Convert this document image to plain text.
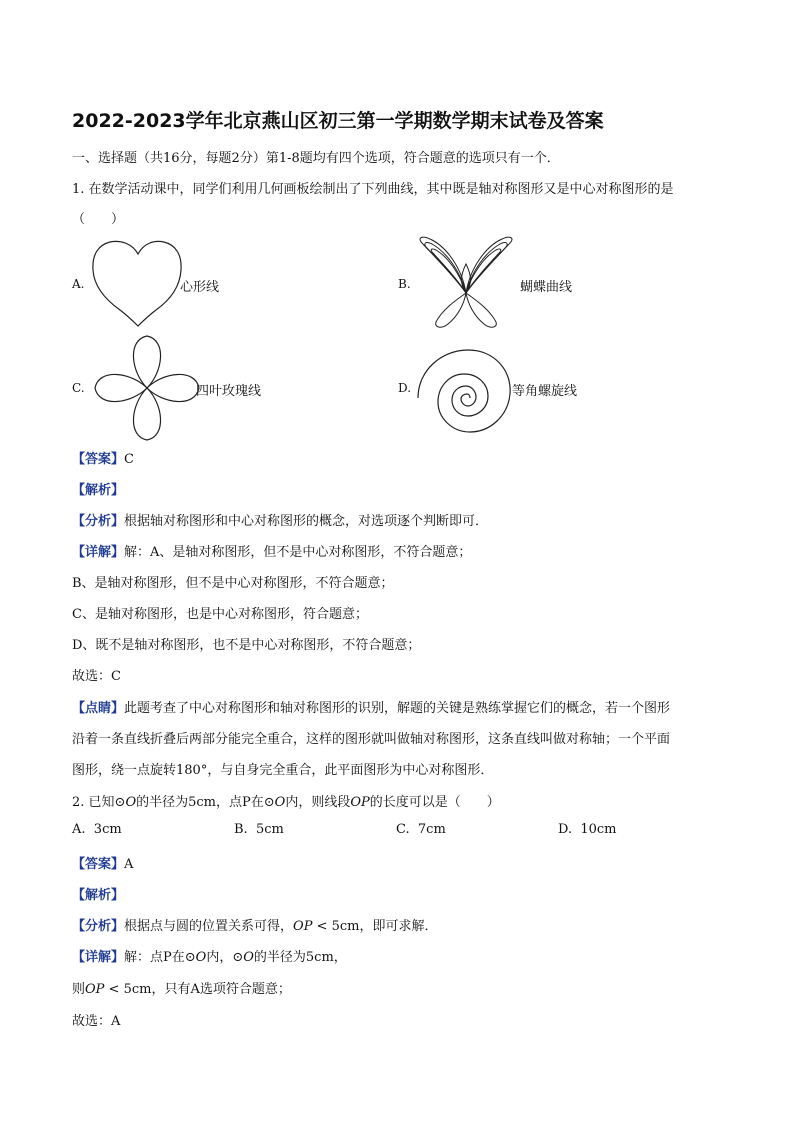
2022-2023学年北京燕山区初三第一学期数学期末试卷及答案
一、选择题（共16分，每题2分）第1-8题均有四个选项，符合题意的选项只有一个．
1. 在数学活动课中，同学们利用几何画板绘制出了下列曲线，其中既是轴对称图形又是中心对称图形的是
（　　）
A.	心形线	B.	蝴蝶曲线
C.	四叶玫瑰线	D.	等角螺旋线
【答案】C
【解析】
【分析】根据轴对称图形和中心对称图形的概念，对选项逐个判断即可．
【详解】解：A、是轴对称图形，但不是中心对称图形，不符合题意；
B、是轴对称图形，但不是中心对称图形，不符合题意；
C、是轴对称图形，也是中心对称图形，符合题意；
D、既不是轴对称图形，也不是中心对称图形，不符合题意；
故选：C
【点睛】此题考查了中心对称图形和轴对称图形的识别，解题的关键是熟练掌握它们的概念，若一个图形
沿着一条直线折叠后两部分能完全重合，这样的图形就叫做轴对称图形，这条直线叫做对称轴；一个平面
图形，绕一点旋转180°，与自身完全重合，此平面图形为中心对称图形．
2. 已知⊙O的半径为5cm，点P在⊙O内，则线段OP的长度可以是（　　）
A. 3cm	B. 5cm	C. 7cm	D. 10cm
【答案】A
【解析】
【分析】根据点与圆的位置关系可得，OP < 5cm，即可求解．
【详解】解：点P在⊙O内，⊙O的半径为5cm，
则OP < 5cm，只有A选项符合题意；
故选：A
